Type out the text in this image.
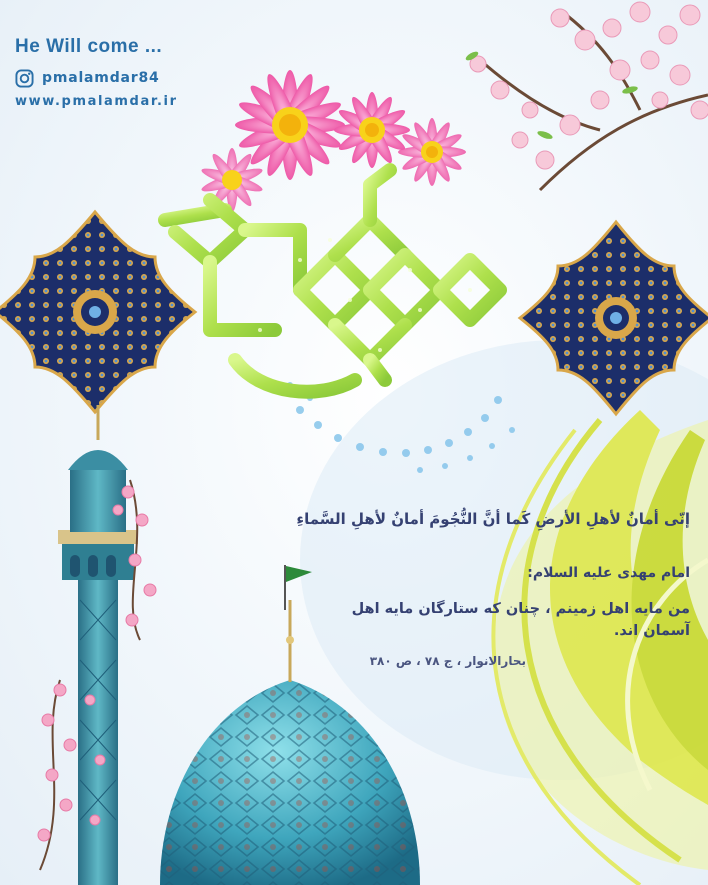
He Will come ...
pmalamdar84
www.pmalamdar.ir
إنّی أمانٌ لأهلِ الأرضِ کَما أنَّ النُّجُومَ أمانٌ لأهلِ السَّماءِ
امام مهدی علیه السلام:
من مایه اهل زمینم ، چنان که ستارگان مایه اهل آسمان اند.
بحارالانوار ، ج ۷۸ ، ص ۳۸۰
